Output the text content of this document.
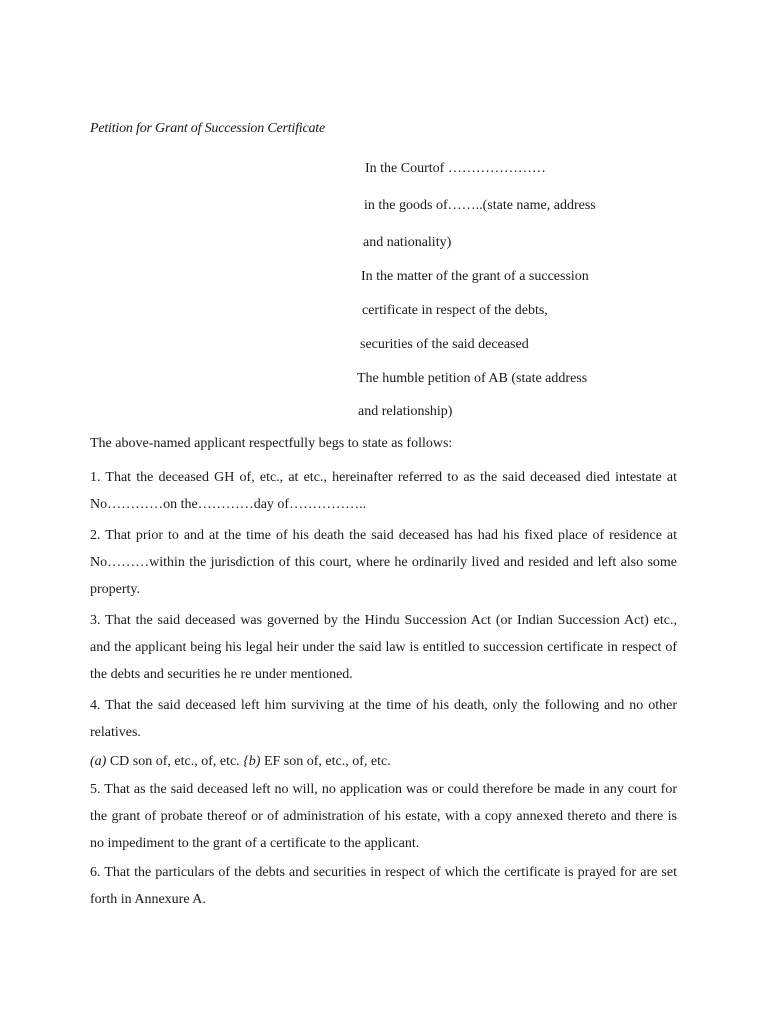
Petition for Grant of Succession Certificate
In the Courtof …………………
in the goods of……..(state name, address
and nationality)
In the matter of the grant of a succession
certificate in respect of the debts,
securities of the said deceased
The humble petition of AB (state address
and relationship)
The above-named applicant respectfully begs to state as follows:
1. That the deceased GH of, etc., at etc., hereinafter referred to as the said deceased died intestate at No…………on the…………day of……………..
2. That prior to and at the time of his death the said deceased has had his fixed place of residence at No………within the jurisdiction of this court, where he ordinarily lived and resided and left also some property.
3. That the said deceased was governed by the Hindu Succession Act (or Indian Succession Act) etc., and the applicant being his legal heir under the said law is entitled to succession certificate in respect of the debts and securities he re under mentioned.
4. That the said deceased left him surviving at the time of his death, only the following and no other relatives.
(a) CD son of, etc., of, etc. {b) EF son of, etc., of, etc.
5. That as the said deceased left no will, no application was or could therefore be made in any court for the grant of probate thereof or of administration of his estate, with a copy annexed thereto and there is no impediment to the grant of a certificate to the applicant.
6. That the particulars of the debts and securities in respect of which the certificate is prayed for are set forth in Annexure A.
